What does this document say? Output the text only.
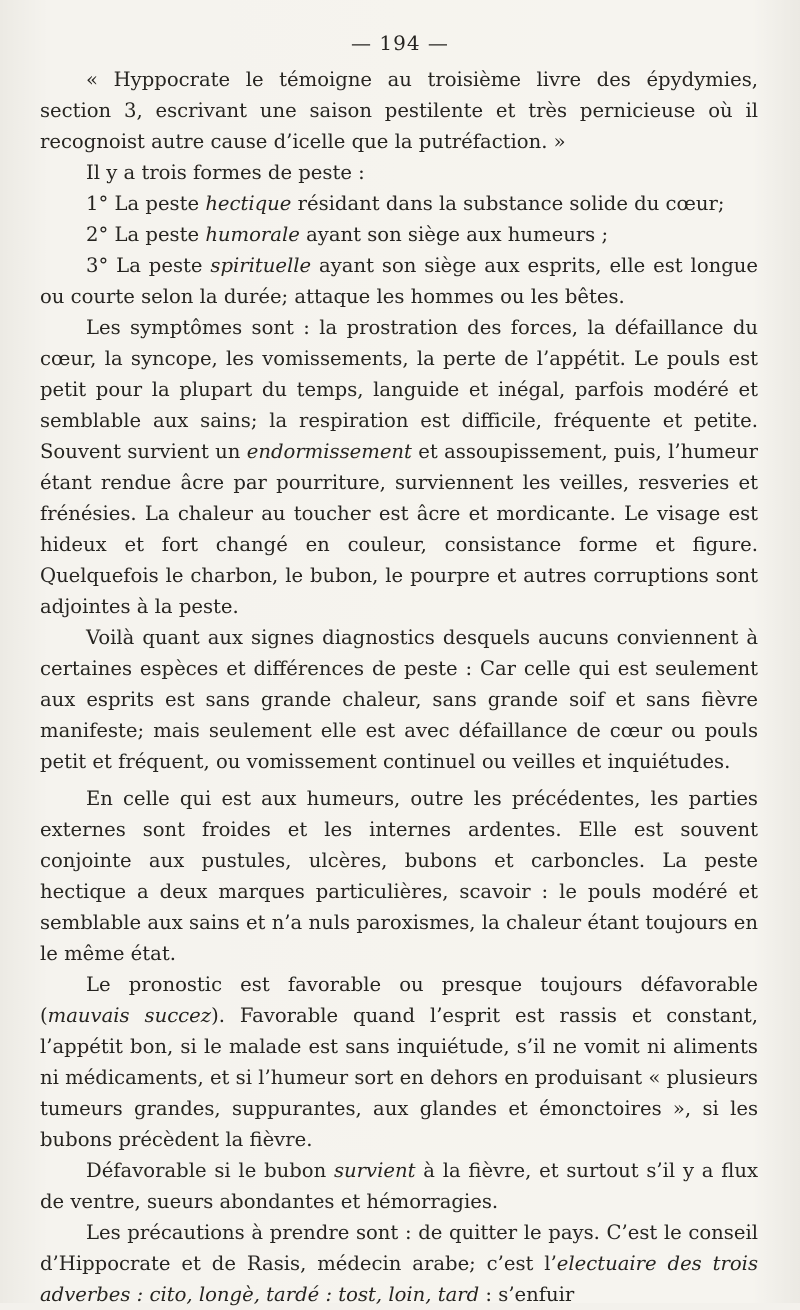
— 194 —

« Hyppocrate le témoigne au troisième livre des épydymies, section 3, escrivant une saison pestilente et très pernicieuse où il recognoist autre cause d’icelle que la putréfaction. »

Il y a trois formes de peste :

1° La peste hectique résidant dans la substance solide du cœur;

2° La peste humorale ayant son siège aux humeurs ;

3° La peste spirituelle ayant son siège aux esprits, elle est longue ou courte selon la durée; attaque les hommes ou les bêtes.

Les symptômes sont : la prostration des forces, la défaillance du cœur, la syncope, les vomissements, la perte de l’appétit. Le pouls est petit pour la plupart du temps, languide et inégal, parfois modéré et semblable aux sains; la respiration est difficile, fréquente et petite. Souvent survient un endormissement et assoupissement, puis, l’humeur étant rendue âcre par pourriture, surviennent les veilles, resveries et frénésies. La chaleur au toucher est âcre et mordicante. Le visage est hideux et fort changé en couleur, consistance forme et figure. Quelquefois le charbon, le bubon, le pourpre et autres corruptions sont adjointes à la peste.

Voilà quant aux signes diagnostics desquels aucuns conviennent à certaines espèces et différences de peste : Car celle qui est seulement aux esprits est sans grande chaleur, sans grande soif et sans fièvre manifeste; mais seulement elle est avec défaillance de cœur ou pouls petit et fréquent, ou vomissement continuel ou veilles et inquiétudes.

En celle qui est aux humeurs, outre les précédentes, les parties externes sont froides et les internes ardentes. Elle est souvent conjointe aux pustules, ulcères, bubons et carboncles. La peste hectique a deux marques particulières, scavoir : le pouls modéré et semblable aux sains et n’a nuls paroxismes, la chaleur étant toujours en le même état.

Le pronostic est favorable ou presque toujours défavorable (mauvais succez). Favorable quand l’esprit est rassis et constant, l’appétit bon, si le malade est sans inquiétude, s’il ne vomit ni aliments ni médicaments, et si l’humeur sort en dehors en produisant « plusieurs tumeurs grandes, suppurantes, aux glandes et émonctoires », si les bubons précèdent la fièvre.

Défavorable si le bubon survient à la fièvre, et surtout s’il y a flux de ventre, sueurs abondantes et hémorragies.

Les précautions à prendre sont : de quitter le pays. C’est le conseil d’Hippocrate et de Rasis, médecin arabe; c’est l’electuaire des trois adverbes : cito, longè, tardé : tost, loin, tard : s’enfuir
